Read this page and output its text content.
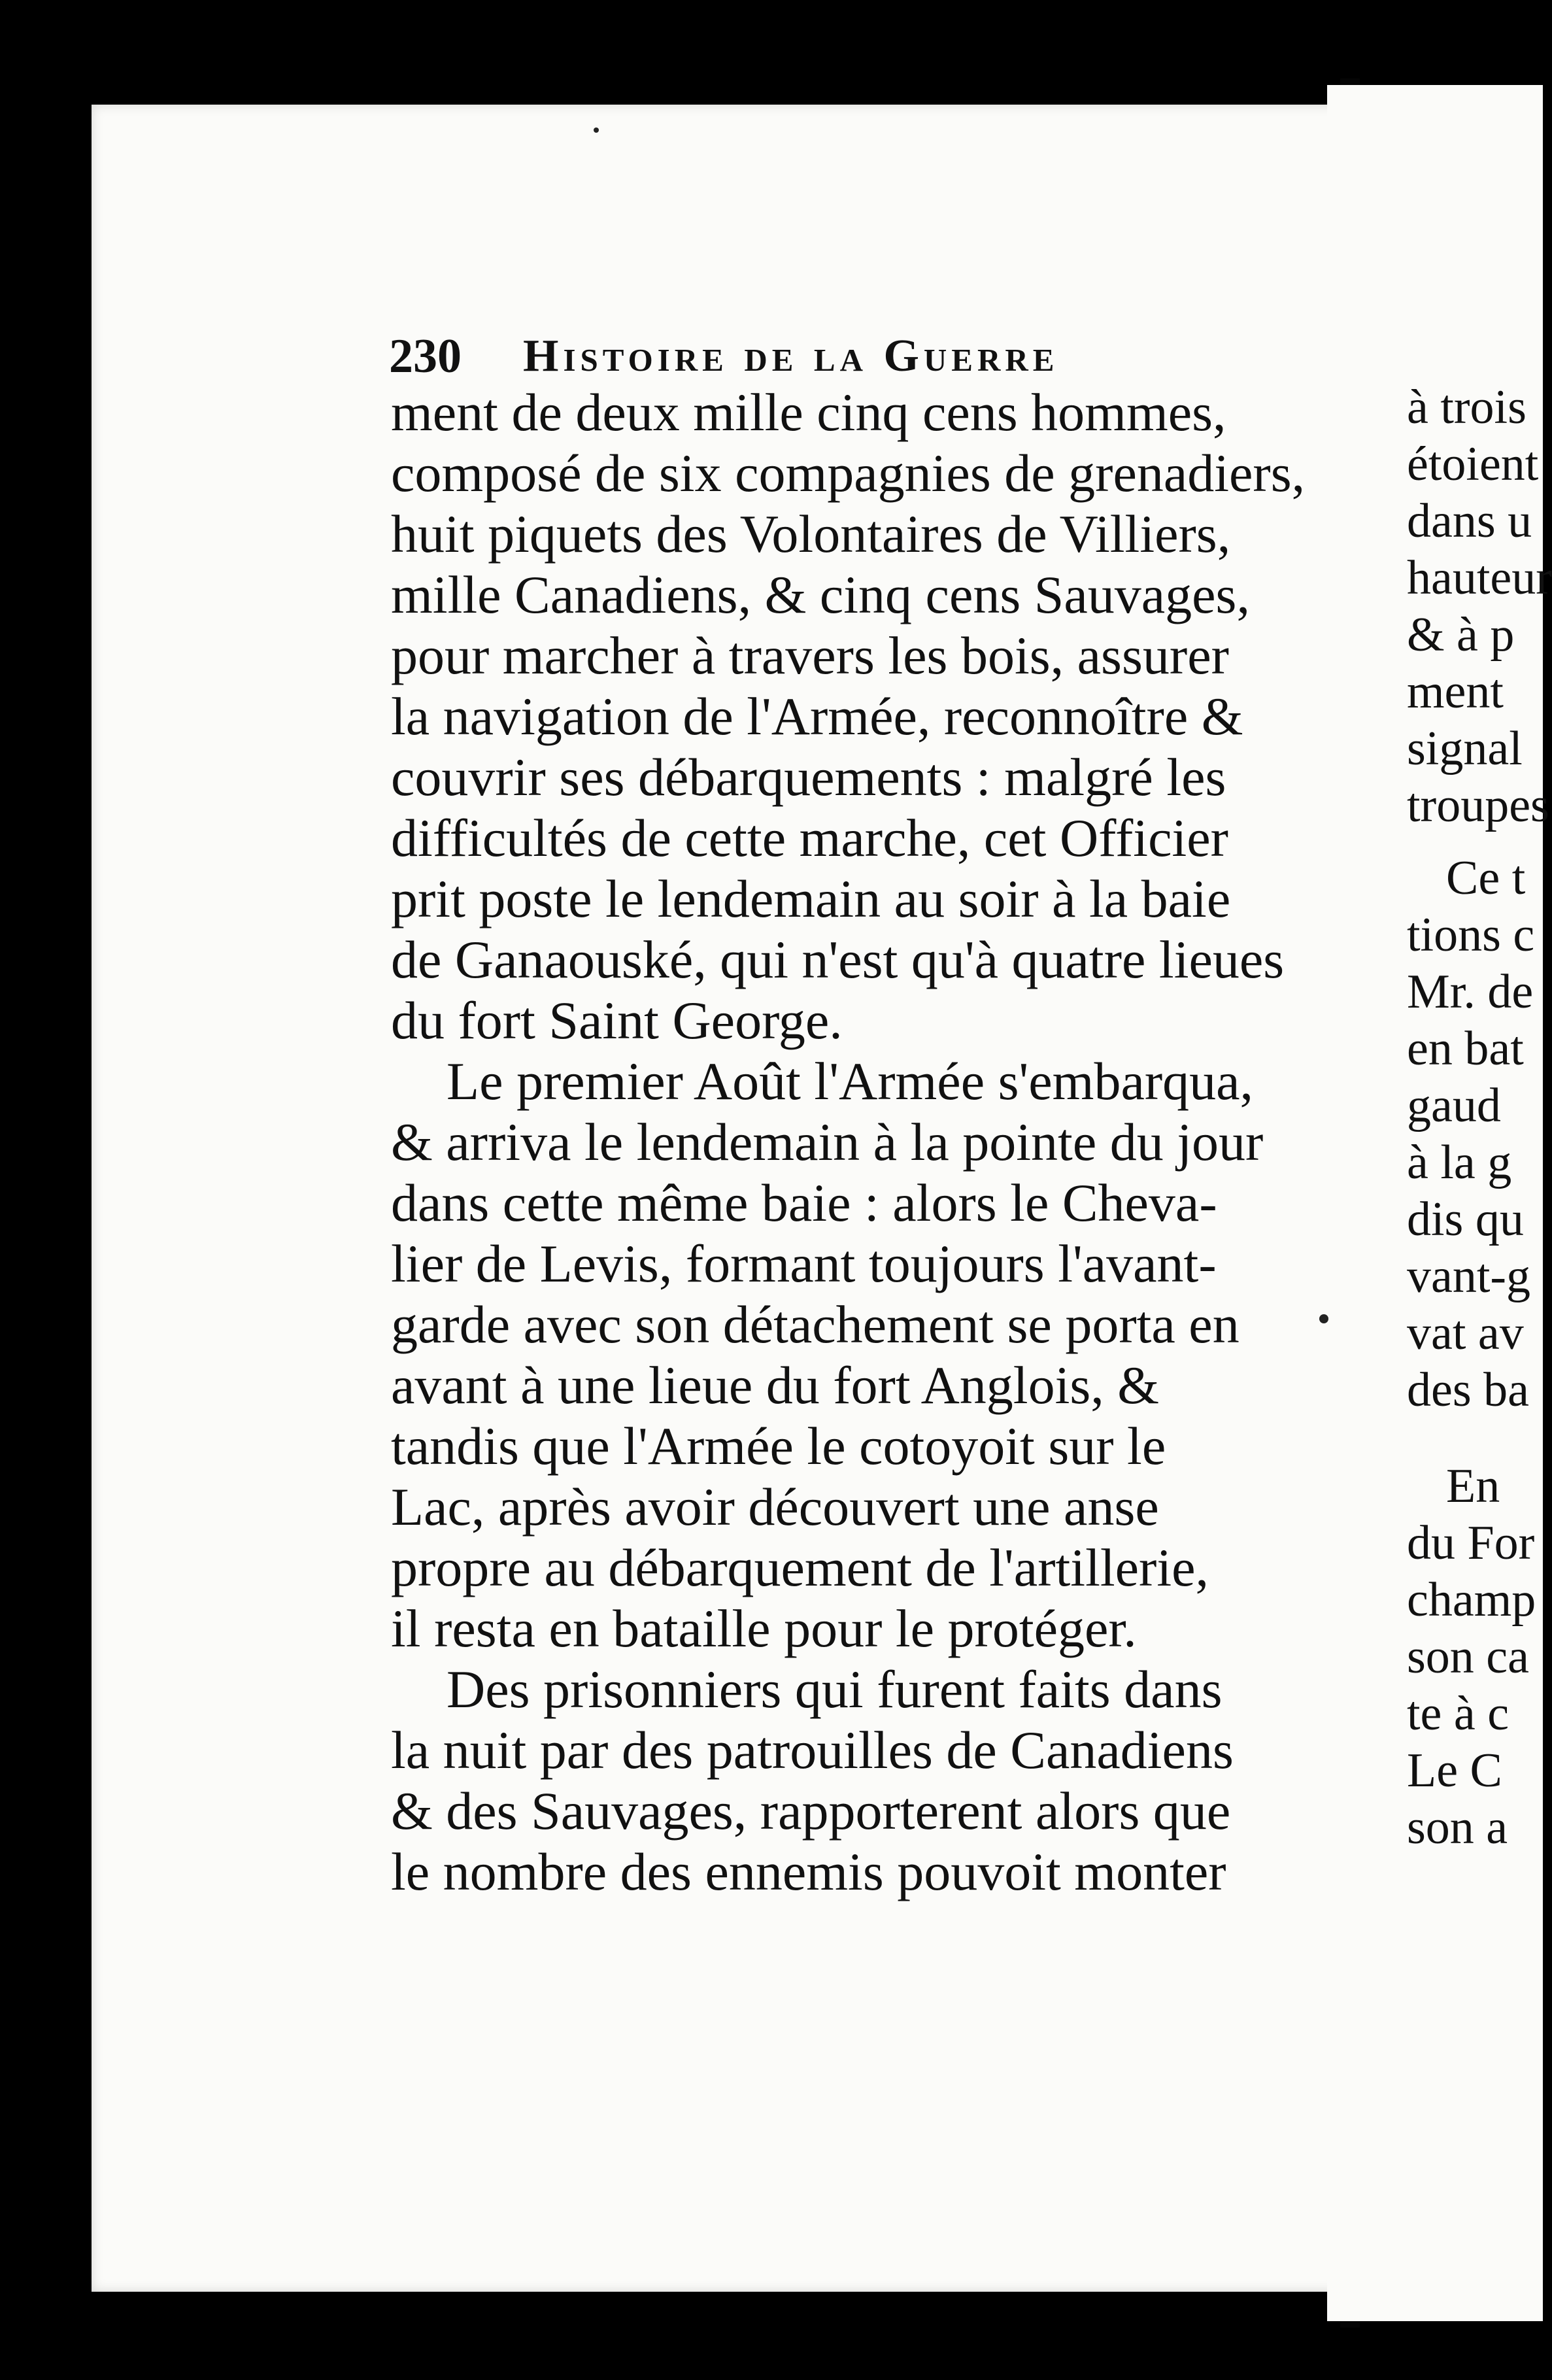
230 Histoire de la Guerre
ment de deux mille cinq cens hommes,
composé de six compagnies de grenadiers,
huit piquets des Volontaires de Villiers,
mille Canadiens, & cinq cens Sauvages,
pour marcher à travers les bois, assurer
la navigation de l'Armée, reconnoître &
couvrir ses débarquements : malgré les
difficultés de cette marche, cet Officier
prit poste le lendemain au soir à la baie
de Ganaouské, qui n'est qu'à quatre lieues
du fort Saint George.
Le premier Août l'Armée s'embarqua,
& arriva le lendemain à la pointe du jour
dans cette même baie : alors le Cheva-
lier de Levis, formant toujours l'avant-
garde avec son détachement se porta en
avant à une lieue du fort Anglois, &
tandis que l'Armée le cotoyoit sur le
Lac, après avoir découvert une anse
propre au débarquement de l'artillerie,
il resta en bataille pour le protéger.
Des prisonniers qui furent faits dans
la nuit par des patrouilles de Canadiens
& des Sauvages, rapporterent alors que
le nombre des ennemis pouvoit monter
à trois
étoient
dans u
hauteur
& à p
ment
signal
troupes
Ce t
tions c
Mr. de
en bat
gaud
à la g
dis qu
vant-g
vat av
des ba
En
du For
champ
son ca
te à c
Le C
son a
